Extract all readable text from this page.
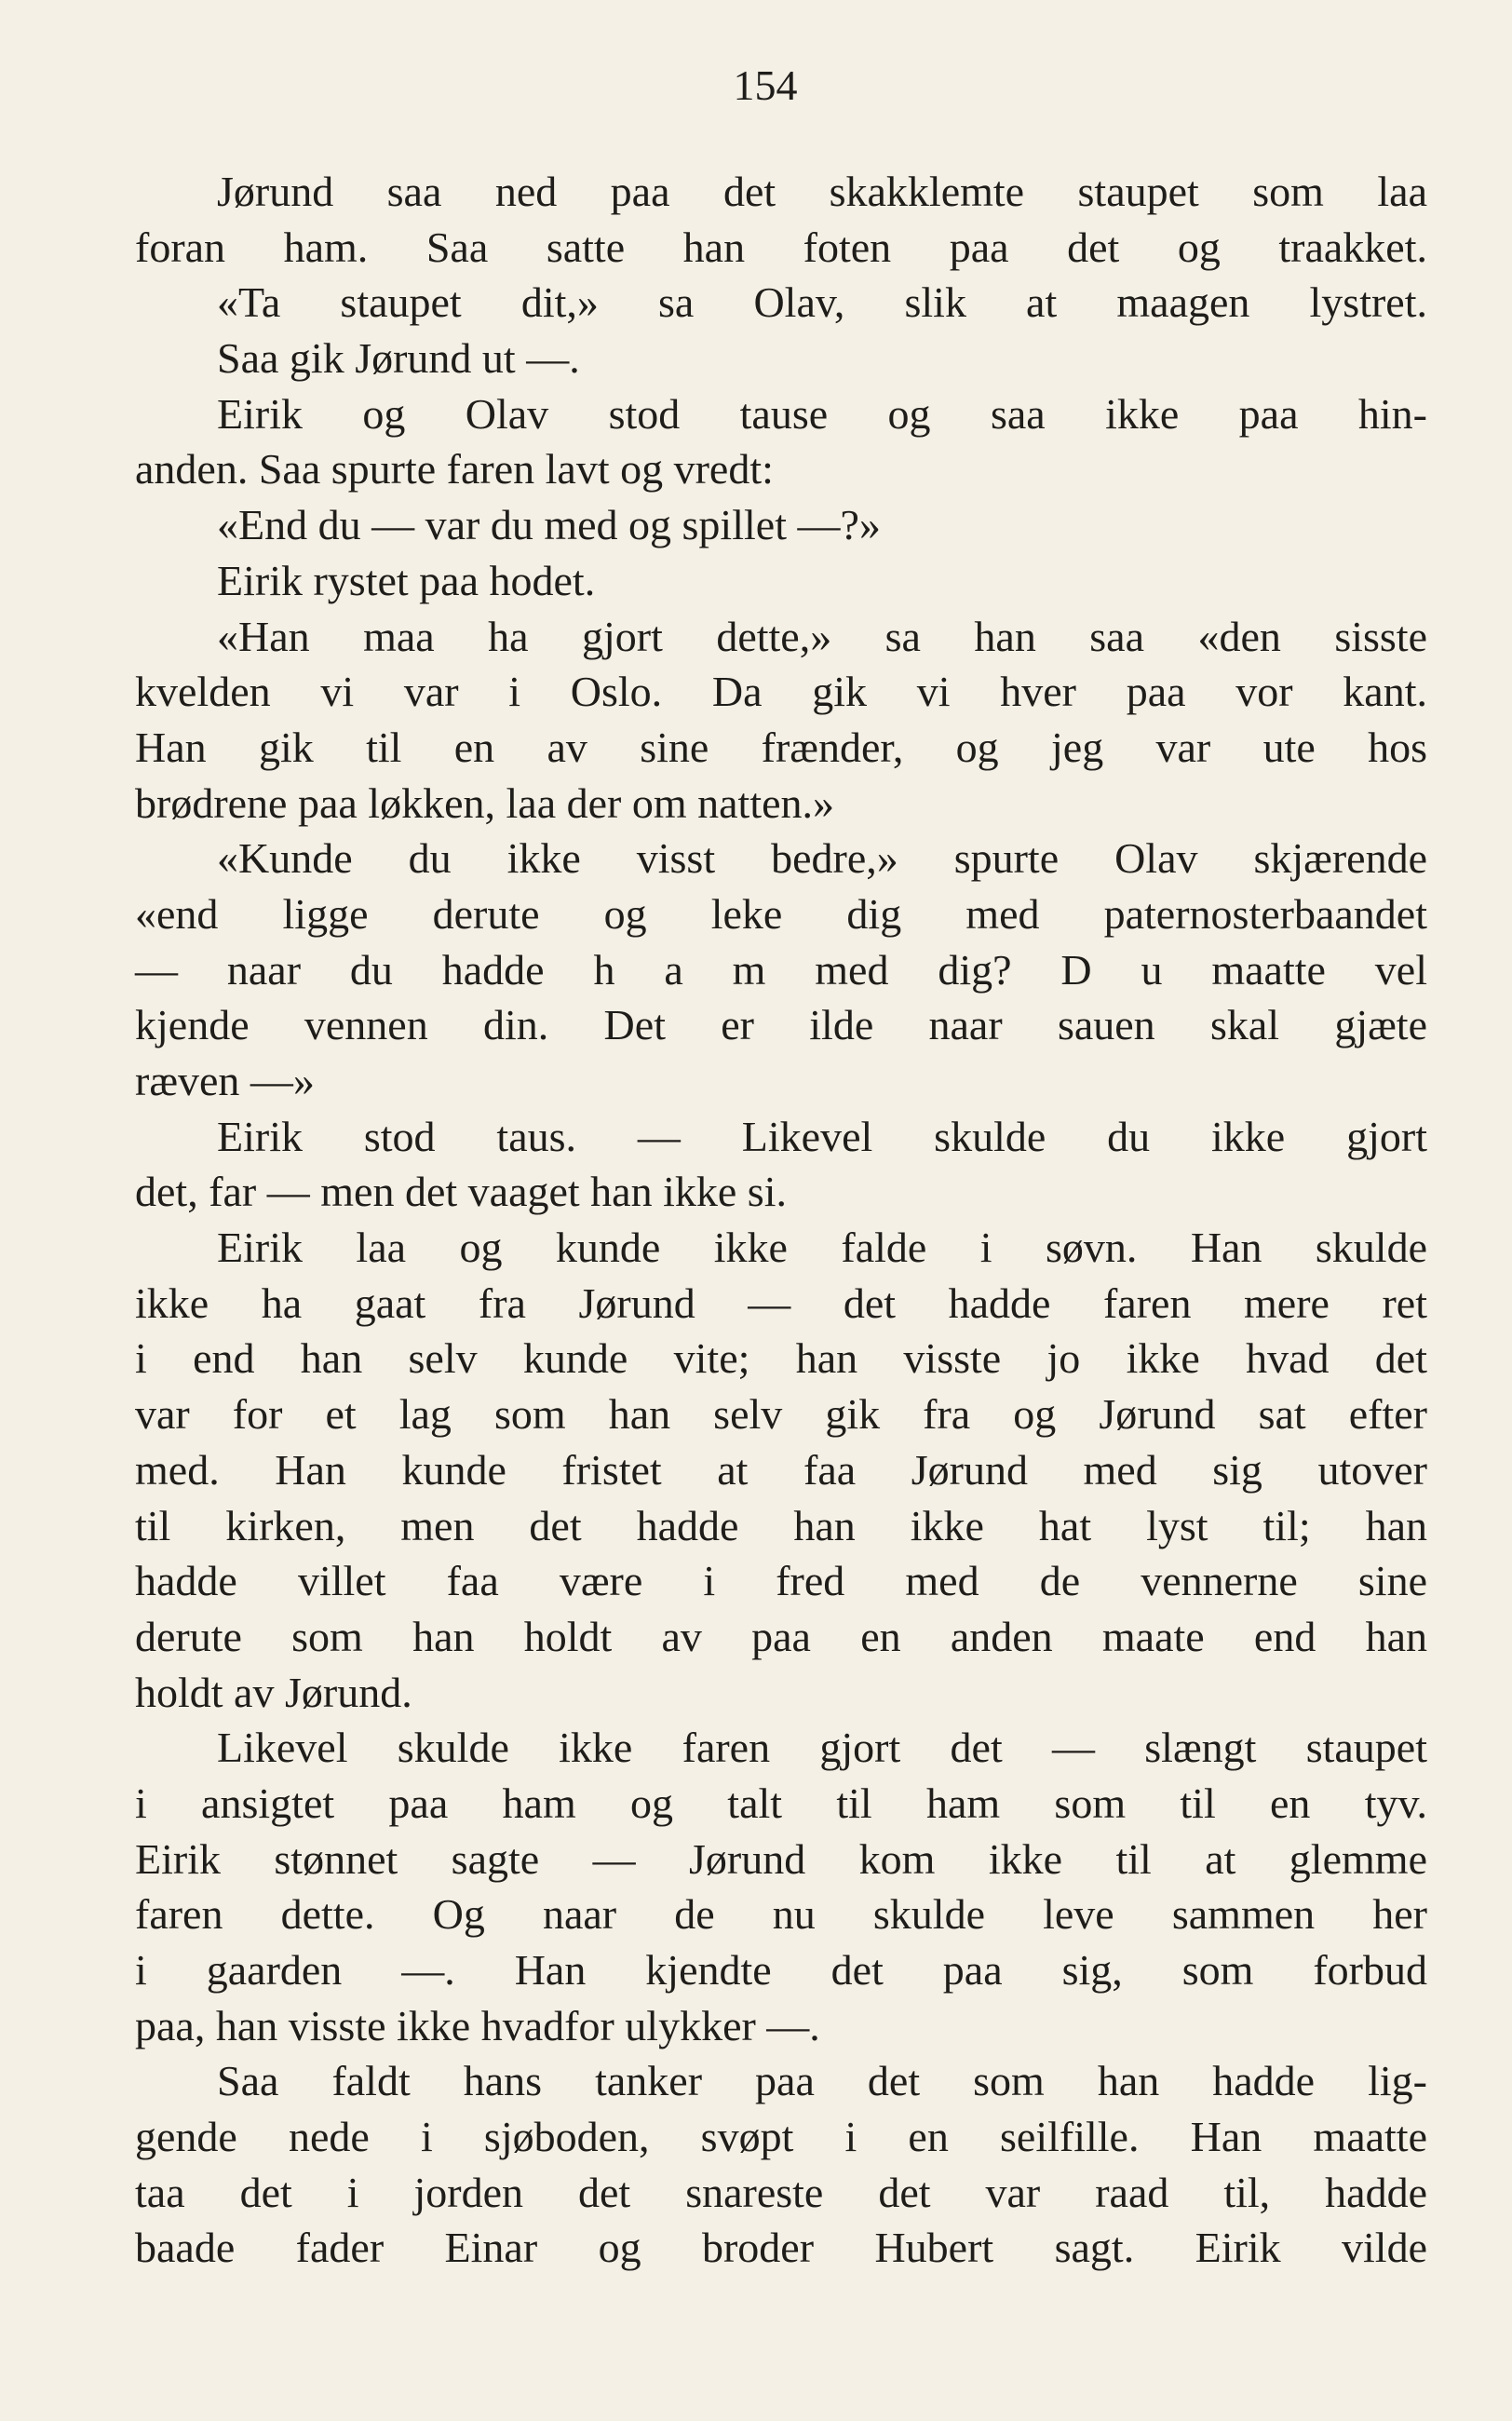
154
Jørund saa ned paa det skakklemte staupet som laa
foran ham. Saa satte han foten paa det og traakket.
«Ta staupet dit,» sa Olav, slik at maagen lystret.
Saa gik Jørund ut —.
Eirik og Olav stod tause og saa ikke paa hin-
anden. Saa spurte faren lavt og vredt:
«End du — var du med og spillet —?»
Eirik rystet paa hodet.
«Han maa ha gjort dette,» sa han saa «den sisste
kvelden vi var i Oslo. Da gik vi hver paa vor kant.
Han gik til en av sine frænder, og jeg var ute hos
brødrene paa løkken, laa der om natten.»
«Kunde du ikke visst bedre,» spurte Olav skjærende
«end ligge derute og leke dig med paternosterbaandet
— naar du hadde h a m med dig? D u maatte vel
kjende vennen din. Det er ilde naar sauen skal gjæte
ræven —»
Eirik stod taus. — Likevel skulde du ikke gjort
det, far — men det vaaget han ikke si.
Eirik laa og kunde ikke falde i søvn. Han skulde
ikke ha gaat fra Jørund — det hadde faren mere ret
i end han selv kunde vite; han visste jo ikke hvad det
var for et lag som han selv gik fra og Jørund sat efter
med. Han kunde fristet at faa Jørund med sig utover
til kirken, men det hadde han ikke hat lyst til; han
hadde villet faa være i fred med de vennerne sine
derute som han holdt av paa en anden maate end han
holdt av Jørund.
Likevel skulde ikke faren gjort det — slængt staupet
i ansigtet paa ham og talt til ham som til en tyv.
Eirik stønnet sagte — Jørund kom ikke til at glemme
faren dette. Og naar de nu skulde leve sammen her
i gaarden —. Han kjendte det paa sig, som forbud
paa, han visste ikke hvadfor ulykker —.
Saa faldt hans tanker paa det som han hadde lig-
gende nede i sjøboden, svøpt i en seilfille. Han maatte
taa det i jorden det snareste det var raad til, hadde
baade fader Einar og broder Hubert sagt. Eirik vilde
